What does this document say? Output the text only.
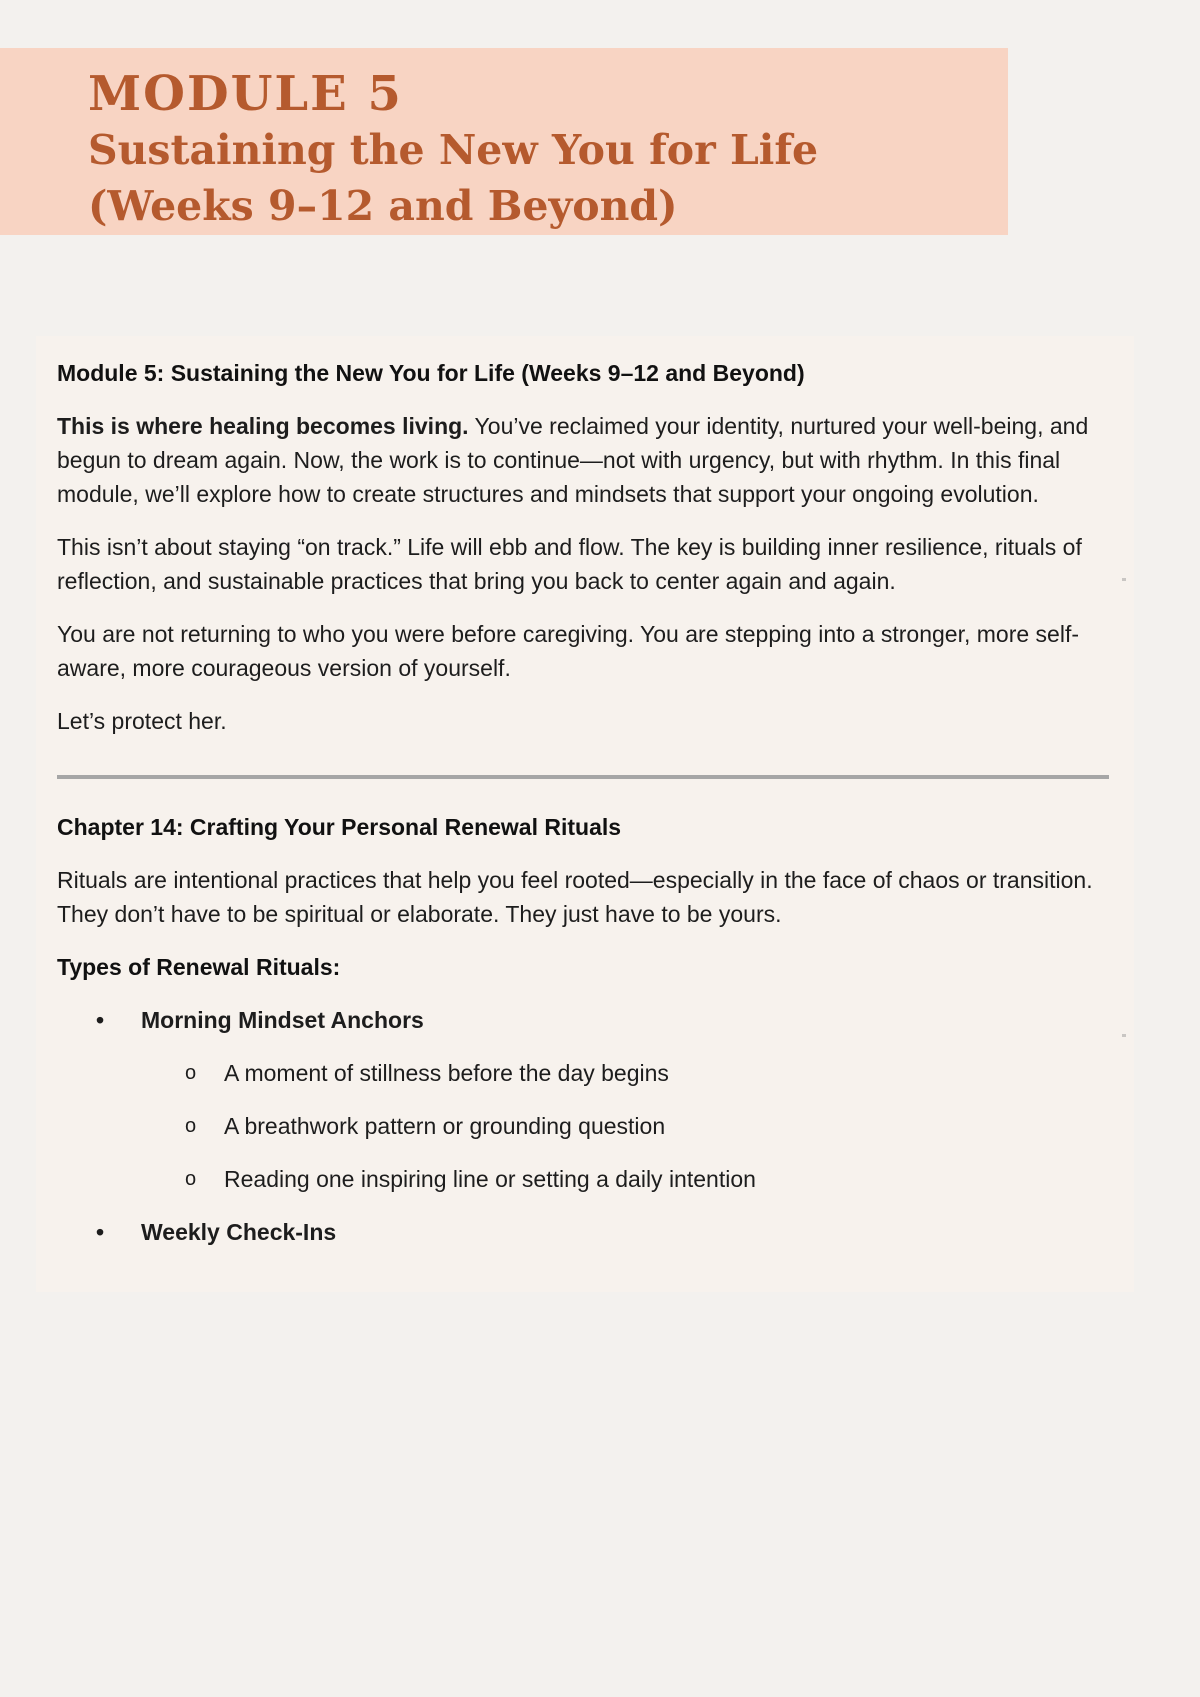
MODULE 5
Sustaining the New You for Life (Weeks 9–12 and Beyond)

Module 5: Sustaining the New You for Life (Weeks 9–12 and Beyond)

This is where healing becomes living. You’ve reclaimed your identity, nurtured your well-being, and begun to dream again. Now, the work is to continue—not with urgency, but with rhythm. In this final module, we’ll explore how to create structures and mindsets that support your ongoing evolution.

This isn’t about staying “on track.” Life will ebb and flow. The key is building inner resilience, rituals of reflection, and sustainable practices that bring you back to center again and again.

You are not returning to who you were before caregiving. You are stepping into a stronger, more self-aware, more courageous version of yourself.

Let’s protect her.

Chapter 14: Crafting Your Personal Renewal Rituals

Rituals are intentional practices that help you feel rooted—especially in the face of chaos or transition. They don’t have to be spiritual or elaborate. They just have to be yours.

Types of Renewal Rituals:

• Morning Mindset Anchors
o A moment of stillness before the day begins
o A breathwork pattern or grounding question
o Reading one inspiring line or setting a daily intention
• Weekly Check-Ins
